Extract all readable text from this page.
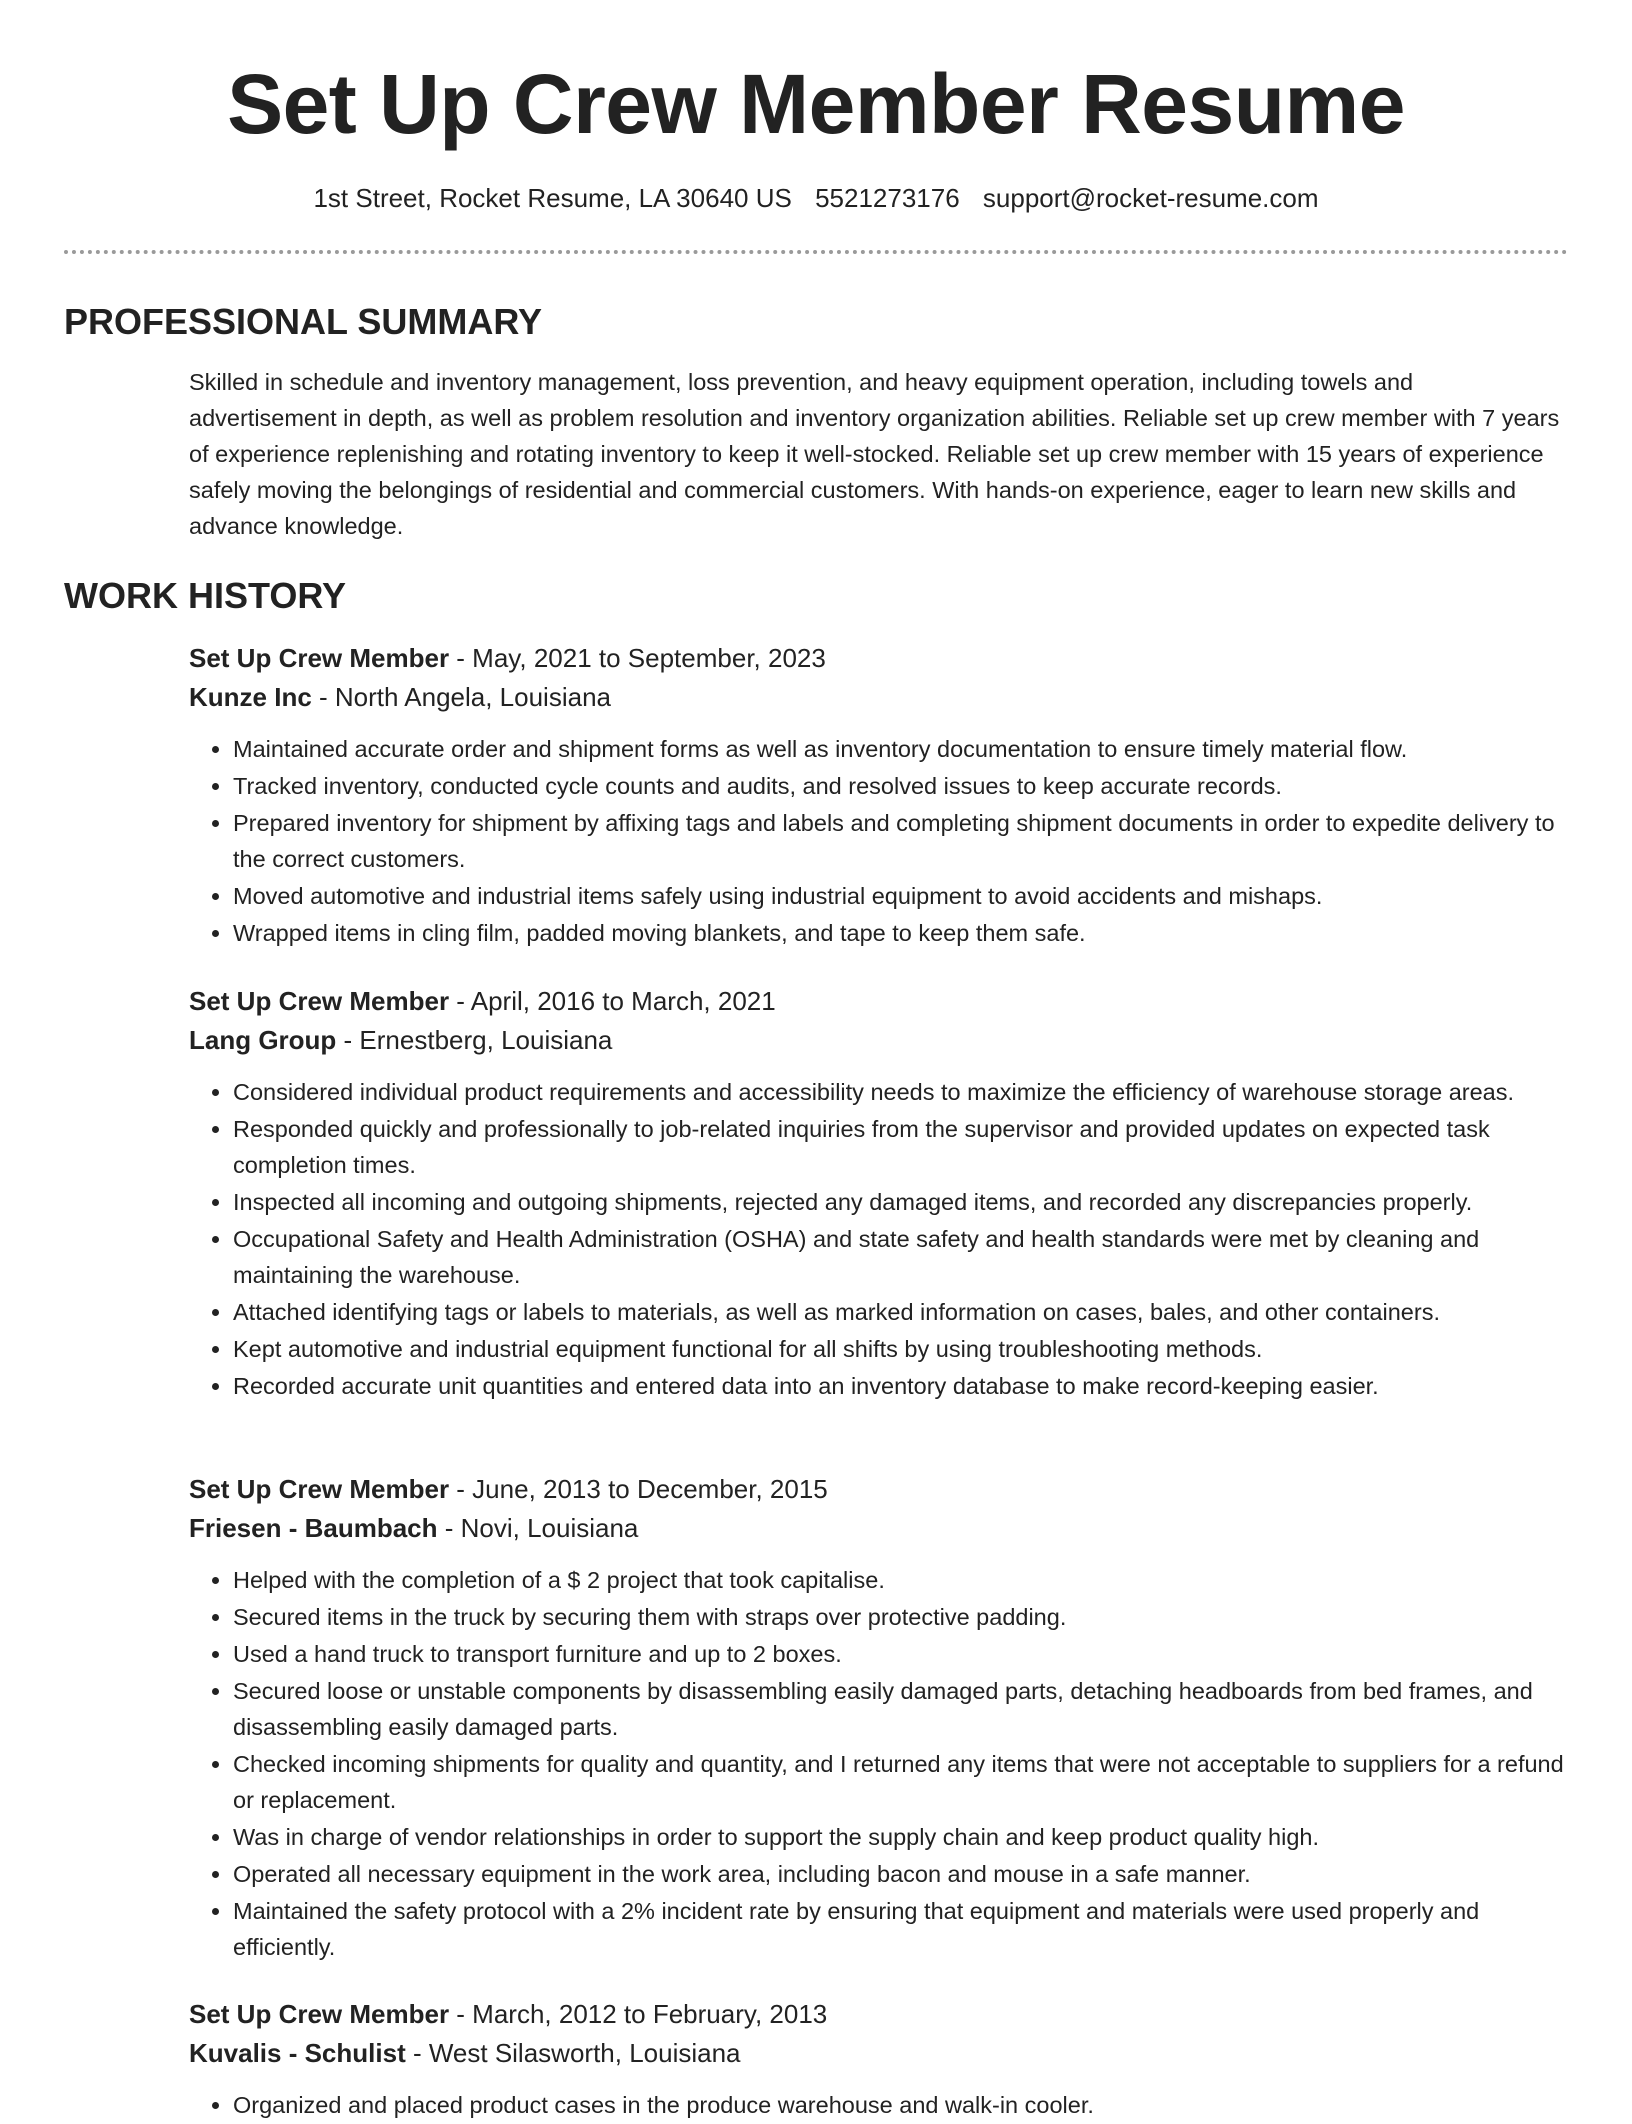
Set Up Crew Member Resume
1st Street, Rocket Resume, LA 30640 US 5521273176 support@rocket-resume.com
PROFESSIONAL SUMMARY

Skilled in schedule and inventory management, loss prevention, and heavy equipment operation, including towels and advertisement in depth, as well as problem resolution and inventory organization abilities. Reliable set up crew member with 7 years of experience replenishing and rotating inventory to keep it well-stocked. Reliable set up crew member with 15 years of experience safely moving the belongings of residential and commercial customers. With hands-on experience, eager to learn new skills and advance knowledge.

WORK HISTORY
Set Up Crew Member - May, 2021 to September, 2023
Kunze Inc - North Angela, Louisiana
• Maintained accurate order and shipment forms as well as inventory documentation to ensure timely material flow.
• Tracked inventory, conducted cycle counts and audits, and resolved issues to keep accurate records.
• Prepared inventory for shipment by affixing tags and labels and completing shipment documents in order to expedite delivery to the correct customers.
• Moved automotive and industrial items safely using industrial equipment to avoid accidents and mishaps.
• Wrapped items in cling film, padded moving blankets, and tape to keep them safe.
Set Up Crew Member - April, 2016 to March, 2021
Lang Group - Ernestberg, Louisiana
• Considered individual product requirements and accessibility needs to maximize the efficiency of warehouse storage areas.
• Responded quickly and professionally to job-related inquiries from the supervisor and provided updates on expected task completion times.
• Inspected all incoming and outgoing shipments, rejected any damaged items, and recorded any discrepancies properly.
• Occupational Safety and Health Administration (OSHA) and state safety and health standards were met by cleaning and maintaining the warehouse.
• Attached identifying tags or labels to materials, as well as marked information on cases, bales, and other containers.
• Kept automotive and industrial equipment functional for all shifts by using troubleshooting methods.
• Recorded accurate unit quantities and entered data into an inventory database to make record-keeping easier.
Set Up Crew Member - June, 2013 to December, 2015
Friesen - Baumbach - Novi, Louisiana
• Helped with the completion of a $ 2 project that took capitalise.
• Secured items in the truck by securing them with straps over protective padding.
• Used a hand truck to transport furniture and up to 2 boxes.
• Secured loose or unstable components by disassembling easily damaged parts, detaching headboards from bed frames, and disassembling easily damaged parts.
• Checked incoming shipments for quality and quantity, and I returned any items that were not acceptable to suppliers for a refund or replacement.
• Was in charge of vendor relationships in order to support the supply chain and keep product quality high.
• Operated all necessary equipment in the work area, including bacon and mouse in a safe manner.
• Maintained the safety protocol with a 2% incident rate by ensuring that equipment and materials were used properly and efficiently.
Set Up Crew Member - March, 2012 to February, 2013
Kuvalis - Schulist - West Silasworth, Louisiana
• Organized and placed product cases in the produce warehouse and walk-in cooler.
